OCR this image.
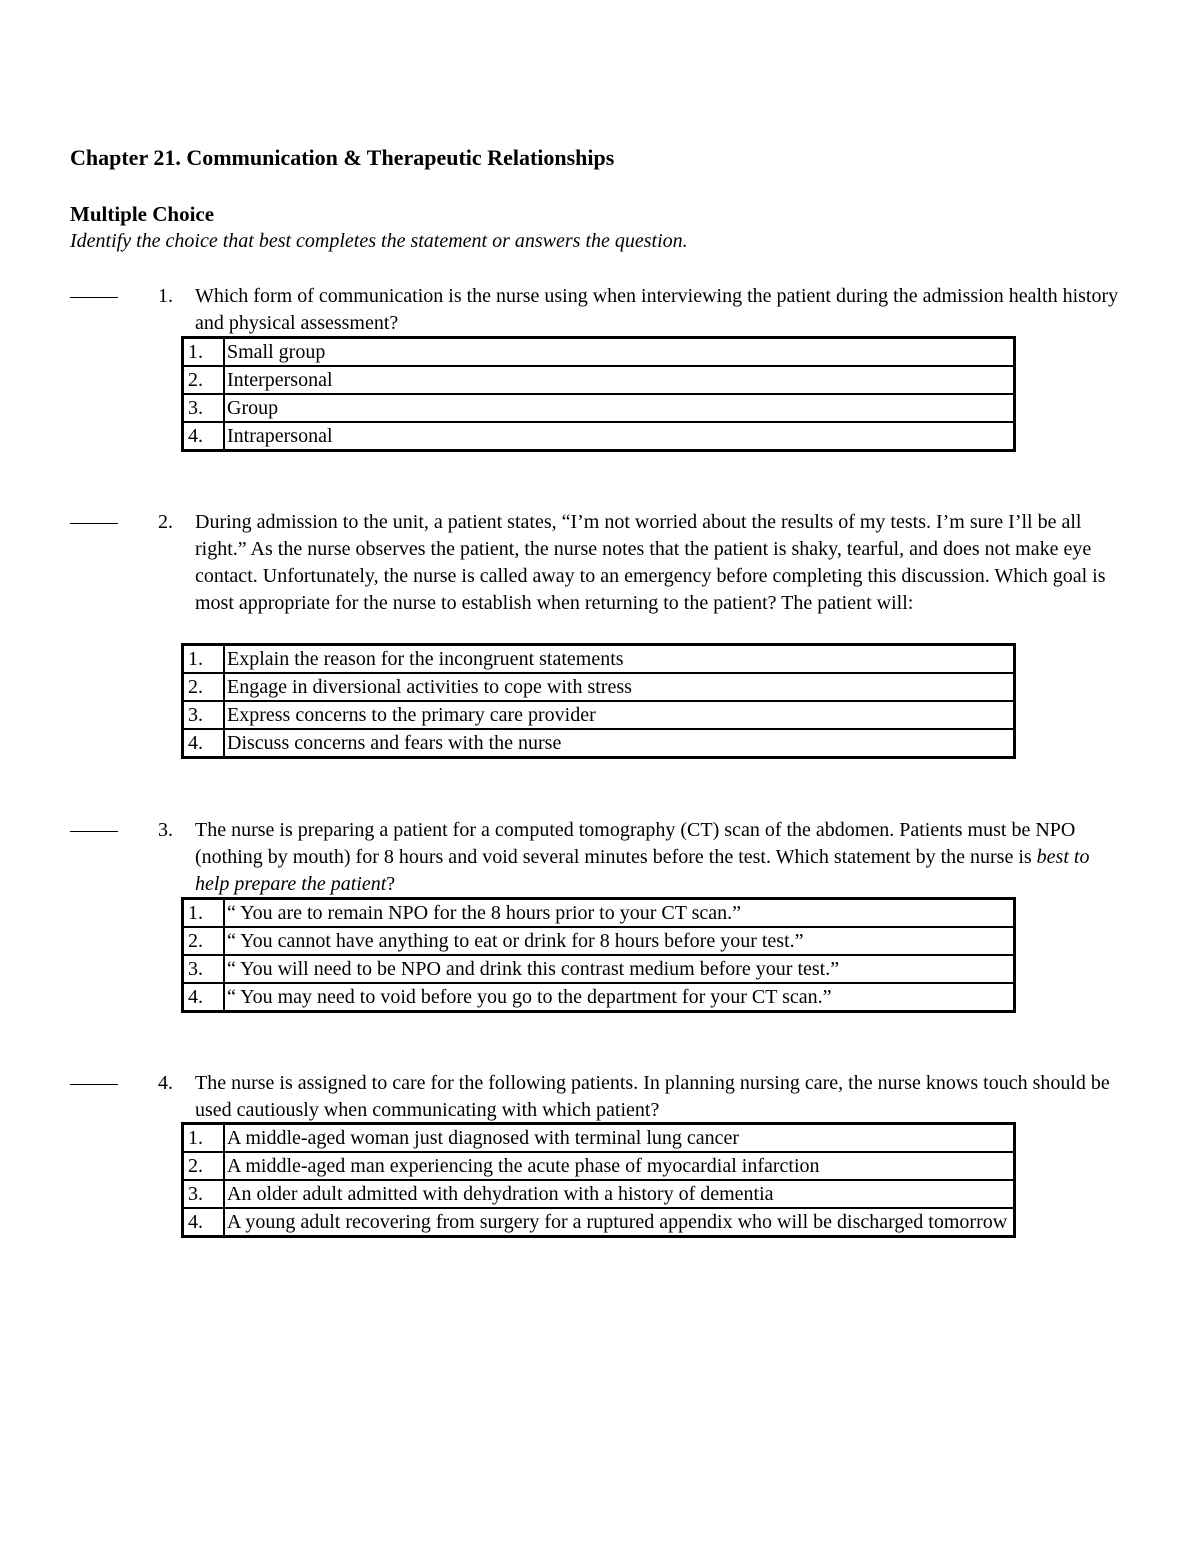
Chapter 21. Communication & Therapeutic Relationships
Multiple Choice
Identify the choice that best completes the statement or answers the question.
1. Which form of communication is the nurse using when interviewing the patient during the admission health history and physical assessment?
1.	Small group
2.	Interpersonal
3.	Group
4.	Intrapersonal
2. During admission to the unit, a patient states, “I’m not worried about the results of my tests. I’m sure I’ll be all right.” As the nurse observes the patient, the nurse notes that the patient is shaky, tearful, and does not make eye contact. Unfortunately, the nurse is called away to an emergency before completing this discussion. Which goal is most appropriate for the nurse to establish when returning to the patient? The patient will:
1.	Explain the reason for the incongruent statements
2.	Engage in diversional activities to cope with stress
3.	Express concerns to the primary care provider
4.	Discuss concerns and fears with the nurse
3. The nurse is preparing a patient for a computed tomography (CT) scan of the abdomen. Patients must be NPO (nothing by mouth) for 8 hours and void several minutes before the test. Which statement by the nurse is best to help prepare the patient?
1.	“ You are to remain NPO for the 8 hours prior to your CT scan.”
2.	“ You cannot have anything to eat or drink for 8 hours before your test.”
3.	“ You will need to be NPO and drink this contrast medium before your test.”
4.	“ You may need to void before you go to the department for your CT scan.”
4. The nurse is assigned to care for the following patients. In planning nursing care, the nurse knows touch should be used cautiously when communicating with which patient?
1.	A middle-aged woman just diagnosed with terminal lung cancer
2.	A middle-aged man experiencing the acute phase of myocardial infarction
3.	An older adult admitted with dehydration with a history of dementia
4.	A young adult recovering from surgery for a ruptured appendix who will be discharged tomorrow
